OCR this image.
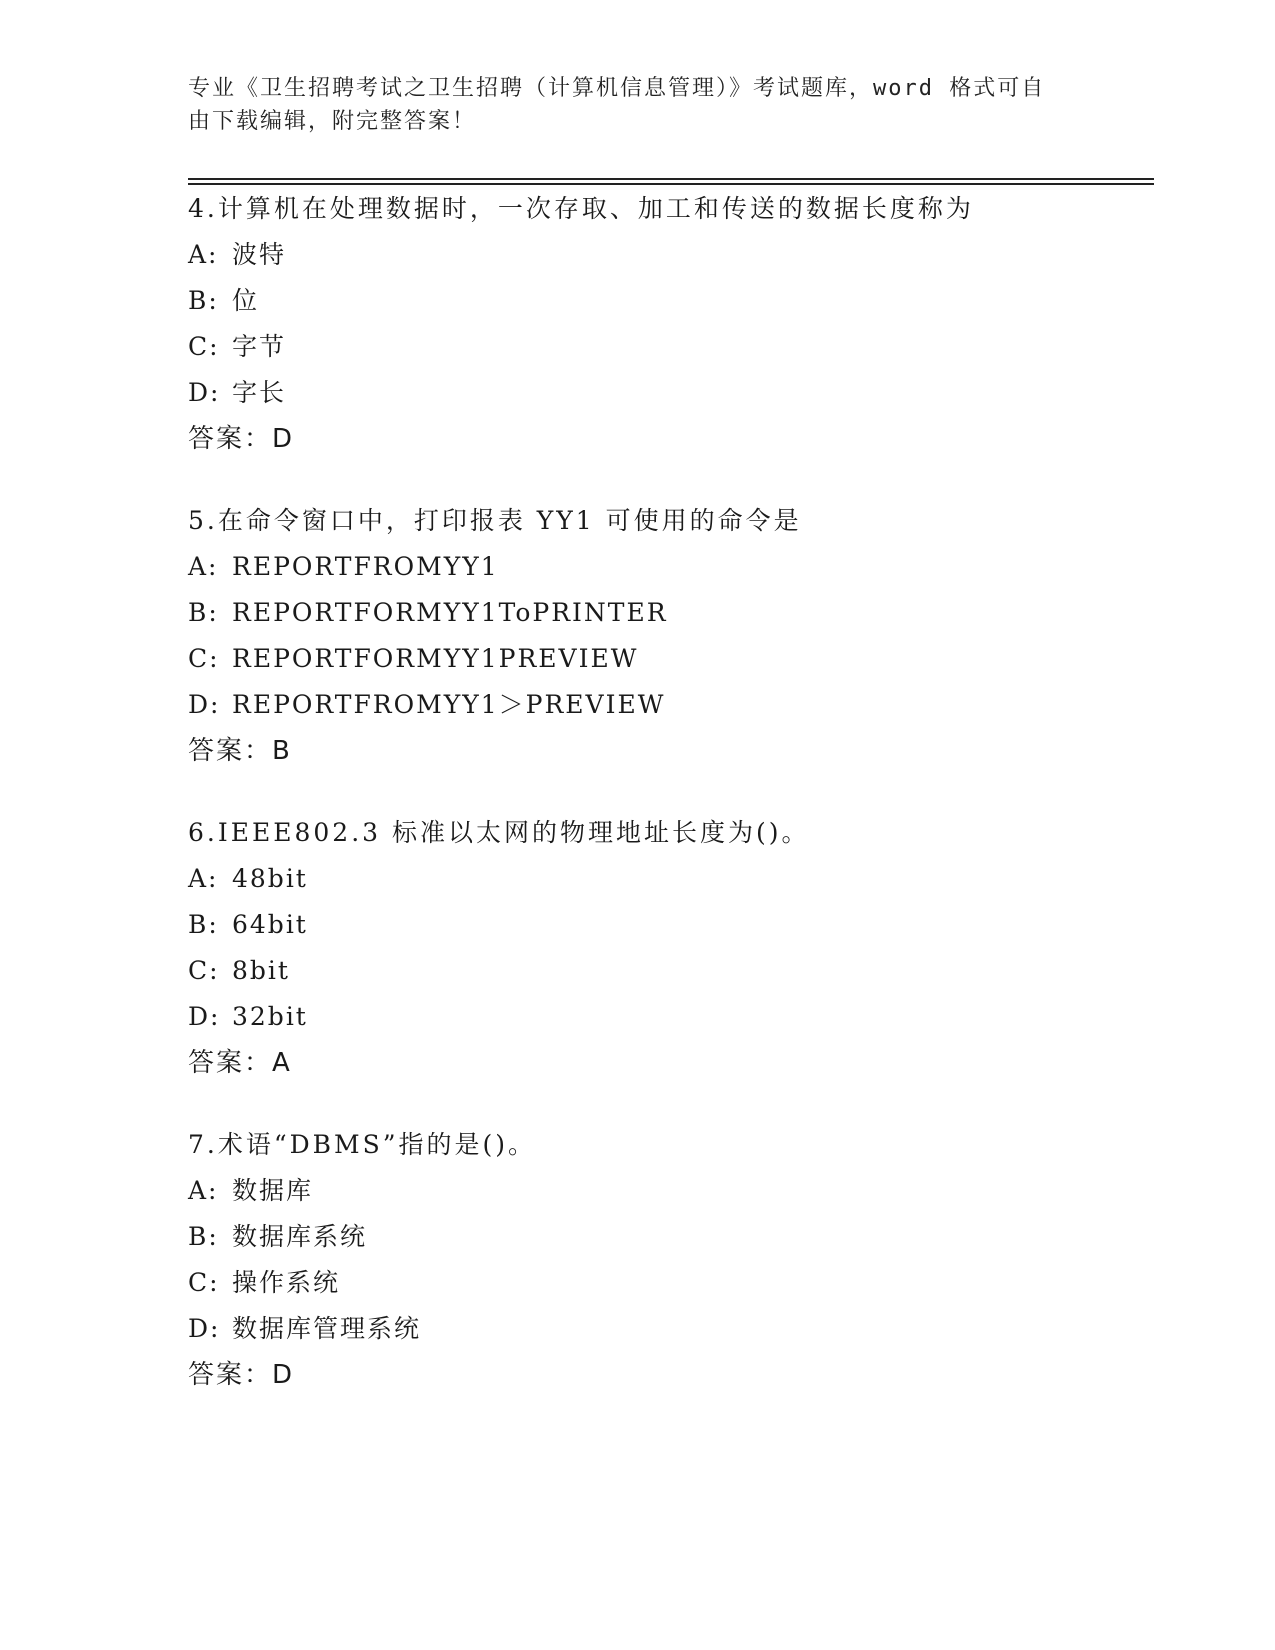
专业《卫生招聘考试之卫生招聘（计算机信息管理）》考试题库，word 格式可自
由下载编辑，附完整答案！
4.计算机在处理数据时，一次存取、加工和传送的数据长度称为
A: 波特
B: 位
C: 字节
D: 字长
答案：D
5.在命令窗口中，打印报表 YY1 可使用的命令是
A: REPORTFROMYY1
B: REPORTFORMYY1ToPRINTER
C: REPORTFORMYY1PREVIEW
D: REPORTFROMYY1＞PREVIEW
答案：B
6.IEEE802.3 标准以太网的物理地址长度为()。
A: 48bit
B: 64bit
C: 8bit
D: 32bit
答案：A
7.术语“DBMS”指的是()。
A: 数据库
B: 数据库系统
C: 操作系统
D: 数据库管理系统
答案：D
